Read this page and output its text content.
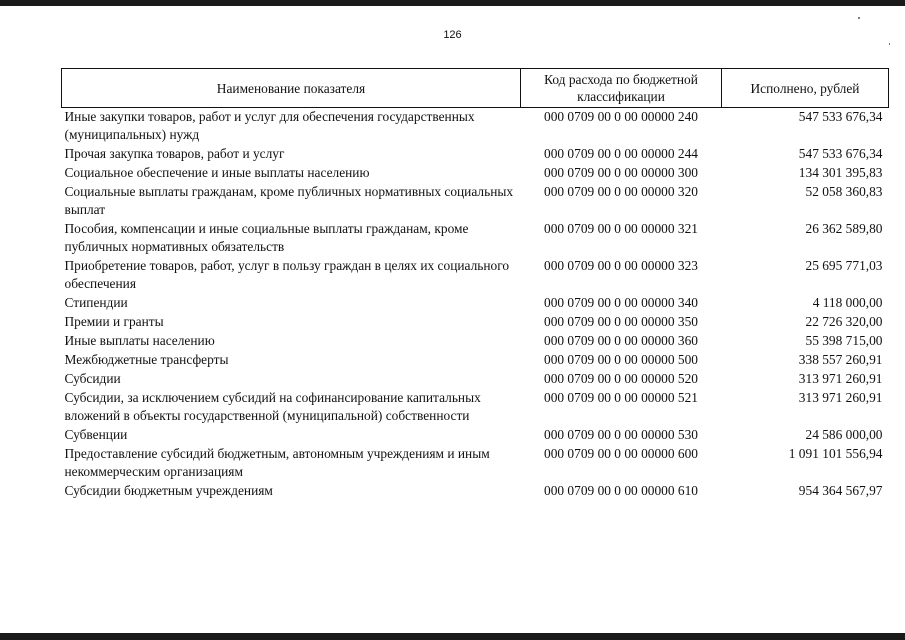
126
Наименование показателя	Код расхода по бюджетной классификации	Исполнено, рублей
Иные закупки товаров, работ и услуг для обеспечения государственных (муниципальных) нужд	000 0709 00 0 00 00000 240	547 533 676,34
Прочая закупка товаров, работ и услуг	000 0709 00 0 00 00000 244	547 533 676,34
Социальное обеспечение и иные выплаты населению	000 0709 00 0 00 00000 300	134 301 395,83
Социальные выплаты гражданам, кроме публичных нормативных социальных выплат	000 0709 00 0 00 00000 320	52 058 360,83
Пособия, компенсации и иные социальные выплаты гражданам, кроме публичных нормативных обязательств	000 0709 00 0 00 00000 321	26 362 589,80
Приобретение товаров, работ, услуг в пользу граждан в целях их социального обеспечения	000 0709 00 0 00 00000 323	25 695 771,03
Стипендии	000 0709 00 0 00 00000 340	4 118 000,00
Премии и гранты	000 0709 00 0 00 00000 350	22 726 320,00
Иные выплаты населению	000 0709 00 0 00 00000 360	55 398 715,00
Межбюджетные трансферты	000 0709 00 0 00 00000 500	338 557 260,91
Субсидии	000 0709 00 0 00 00000 520	313 971 260,91
Субсидии, за исключением субсидий на софинансирование капитальных вложений в объекты государственной (муниципальной) собственности	000 0709 00 0 00 00000 521	313 971 260,91
Субвенции	000 0709 00 0 00 00000 530	24 586 000,00
Предоставление субсидий бюджетным, автономным учреждениям и иным некоммерческим организациям	000 0709 00 0 00 00000 600	1 091 101 556,94
Субсидии бюджетным учреждениям	000 0709 00 0 00 00000 610	954 364 567,97
